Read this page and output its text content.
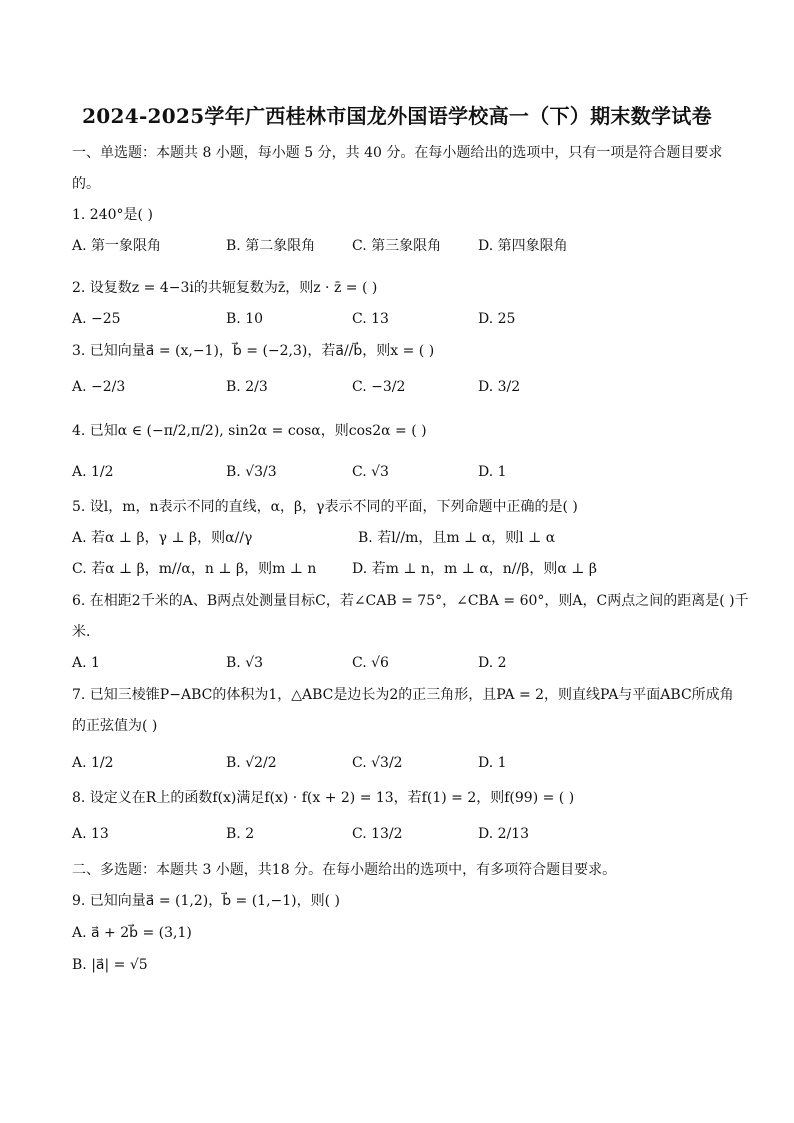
2024-2025学年广西桂林市国龙外国语学校高一（下）期末数学试卷
一、单选题：本题共 8 小题，每小题 5 分，共 40 分。在每小题给出的选项中，只有一项是符合题目要求
的。
1. 240°是( )
A. 第一象限角	B. 第二象限角	C. 第三象限角	D. 第四象限角
2. 设复数z = 4−3i的共轭复数为z̄，则z · z̄ = ( )
A. −25	B. 10	C. 13	D. 25
3. 已知向量a⃗ = (x,−1)，b⃗ = (−2,3)，若a⃗//b⃗，则x = ( )
A. −2/3	B. 2/3	C. −3/2	D. 3/2
4. 已知α ∈ (−π/2,π/2), sin2α = cosα，则cos2α = ( )
A. 1/2	B. √3/3	C. √3	D. 1
5. 设l，m，n表示不同的直线，α，β，γ表示不同的平面，下列命题中正确的是( )
A. 若α ⊥ β，γ ⊥ β，则α//γ	B. 若l//m，且m ⊥ α，则l ⊥ α
C. 若α ⊥ β，m//α，n ⊥ β，则m ⊥ n	D. 若m ⊥ n，m ⊥ α，n//β，则α ⊥ β
6. 在相距2千米的A、B两点处测量目标C，若∠CAB = 75°，∠CBA = 60°，则A，C两点之间的距离是( )千
米．
A. 1	B. √3	C. √6	D. 2
7. 已知三棱锥P−ABC的体积为1，△ABC是边长为2的正三角形，且PA = 2，则直线PA与平面ABC所成角
的正弦值为( )
A. 1/2	B. √2/2	C. √3/2	D. 1
8. 设定义在R上的函数f(x)满足f(x) · f(x + 2) = 13，若f(1) = 2，则f(99) = ( )
A. 13	B. 2	C. 13/2	D. 2/13
二、多选题：本题共 3 小题，共18 分。在每小题给出的选项中，有多项符合题目要求。
9. 已知向量a⃗ = (1,2)，b⃗ = (1,−1)，则( )
A. a⃗ + 2b⃗ = (3,1)
B. |a⃗| = √5
